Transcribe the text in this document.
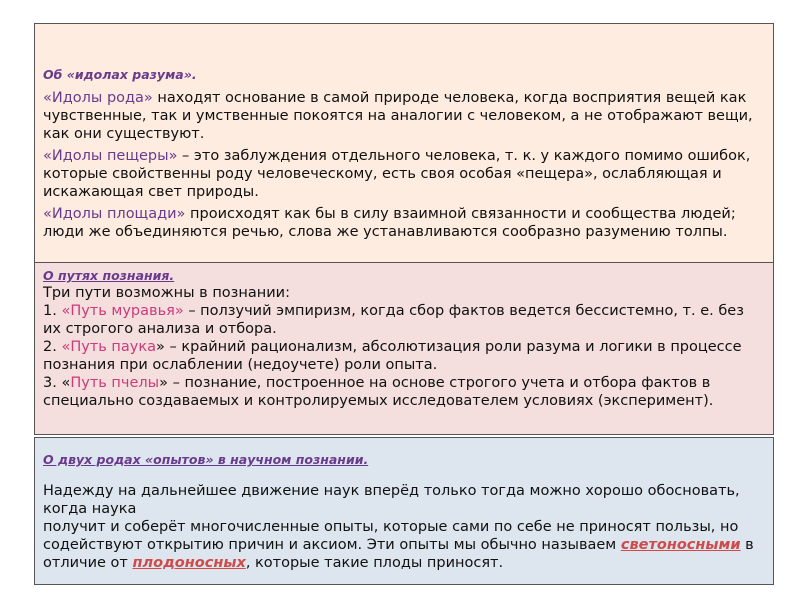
Об «идолах разума».

«Идолы рода» находят основание в самой природе человека, когда восприятия вещей как чувственные, так и умственные покоятся на аналогии с человеком, а не отображают вещи, как они существуют.

«Идолы пещеры» – это заблуждения отдельного человека, т. к. у каждого помимо ошибок, которые свойственны роду человеческому, есть своя особая «пещера», ослабляющая и искажающая свет природы.

«Идолы площади» происходят как бы в силу взаимной связанности и сообщества людей; люди же объединяются речью, слова же устанавливаются сообразно разумению толпы.

О путях познания.

Три пути возможны в познании:

1. «Путь муравья» – ползучий эмпиризм, когда сбор фактов ведется бессистемно, т. е. без их строгого анализа и отбора.

2. «Путь паука» – крайний рационализм, абсолютизация роли разума и логики в процессе познания при ослаблении (недоучете) роли опыта.

3. «Путь пчелы» – познание, построенное на основе строгого учета и отбора фактов в специально создаваемых и контролируемых исследователем условиях (эксперимент).

О двух родах «опытов» в научном познании.

Надежду на дальнейшее движение наук вперёд только тогда можно хорошо обосновать, когда наука

получит и соберёт многочисленные опыты, которые сами по себе не приносят пользы, но содействуют открытию причин и аксиом. Эти опыты мы обычно называем светоносными в отличие от плодоносных, которые такие плоды приносят.
